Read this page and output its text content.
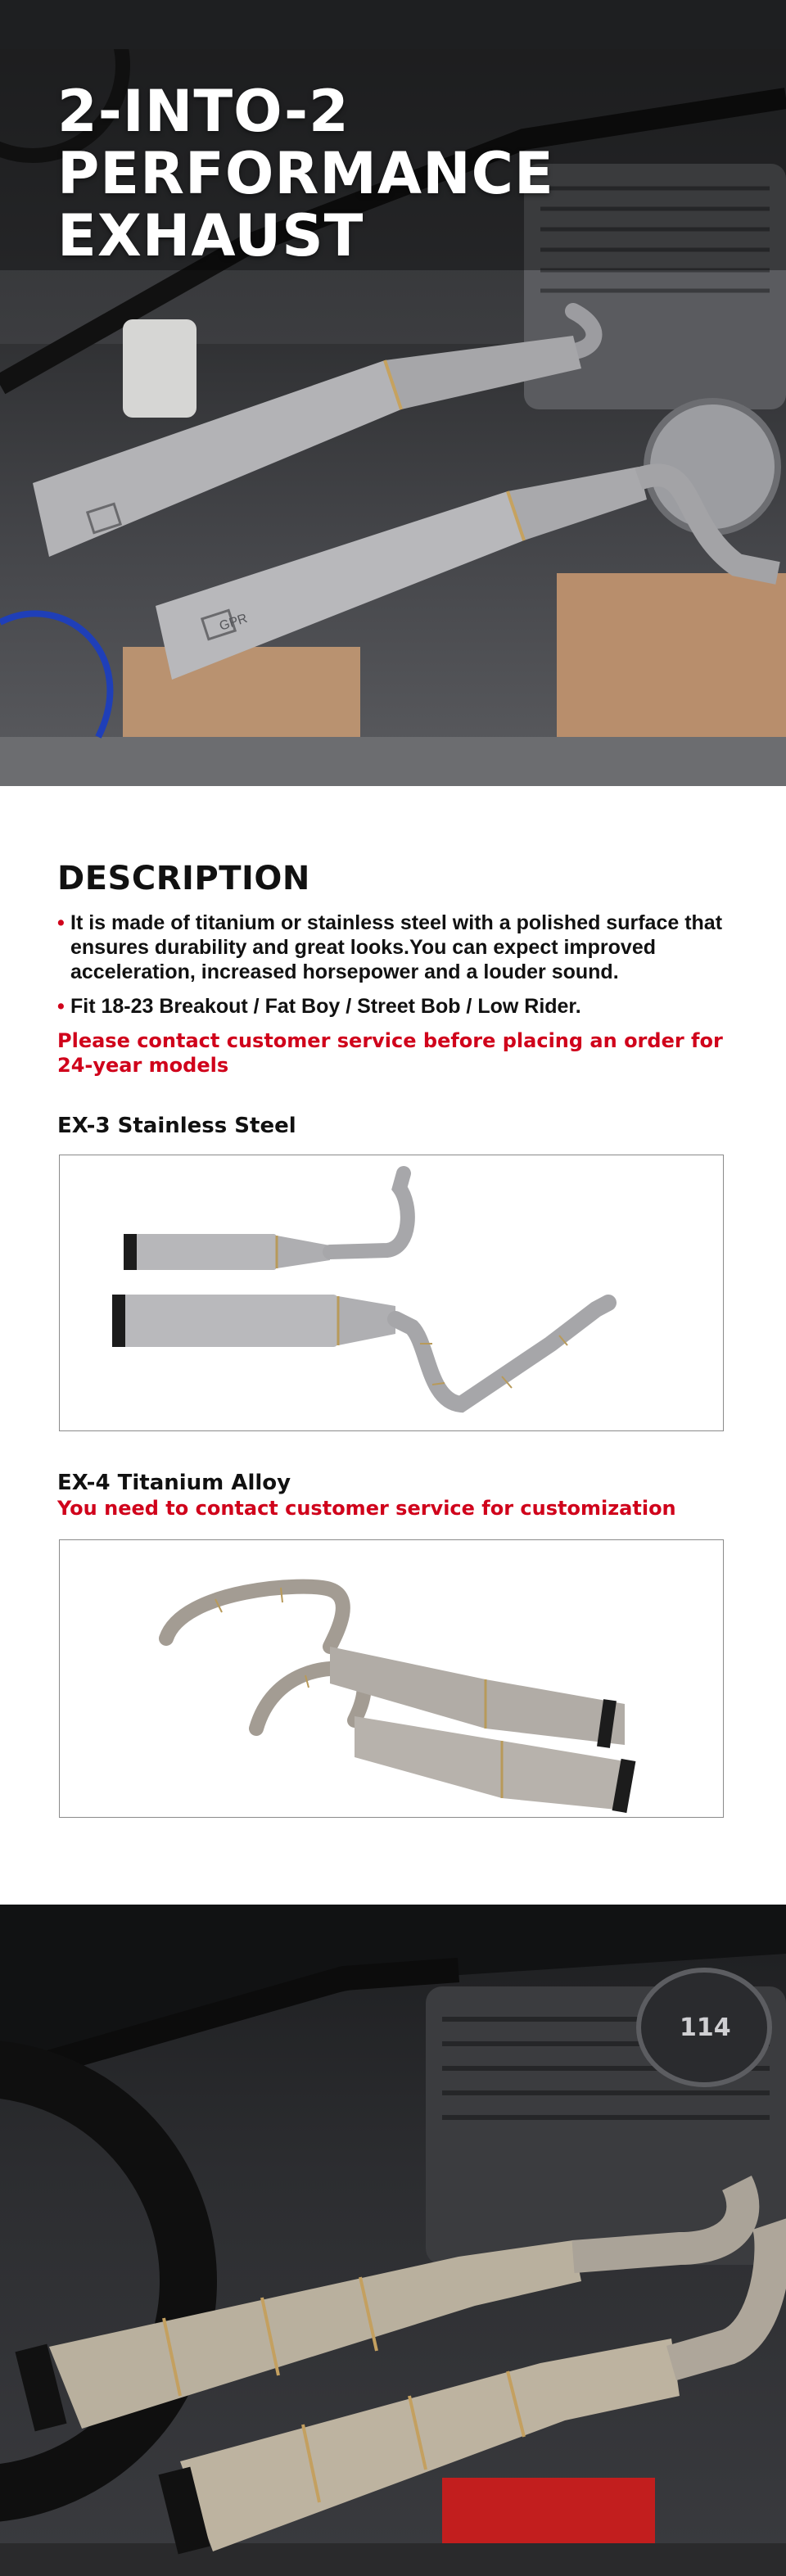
GPR
2-INTO-2
PERFORMANCE
EXHAUST
DESCRIPTION
• It is made of titanium or stainless steel with a polished surface that ensures durability and great looks.You can expect improved acceleration, increased horsepower and a louder sound.
• Fit 18-23 Breakout / Fat Boy / Street Bob / Low Rider.

Please contact customer service before placing an order for 24-year models

EX-3 Stainless Steel

EX-4 Titanium Alloy

You need to contact customer service for customization

114
